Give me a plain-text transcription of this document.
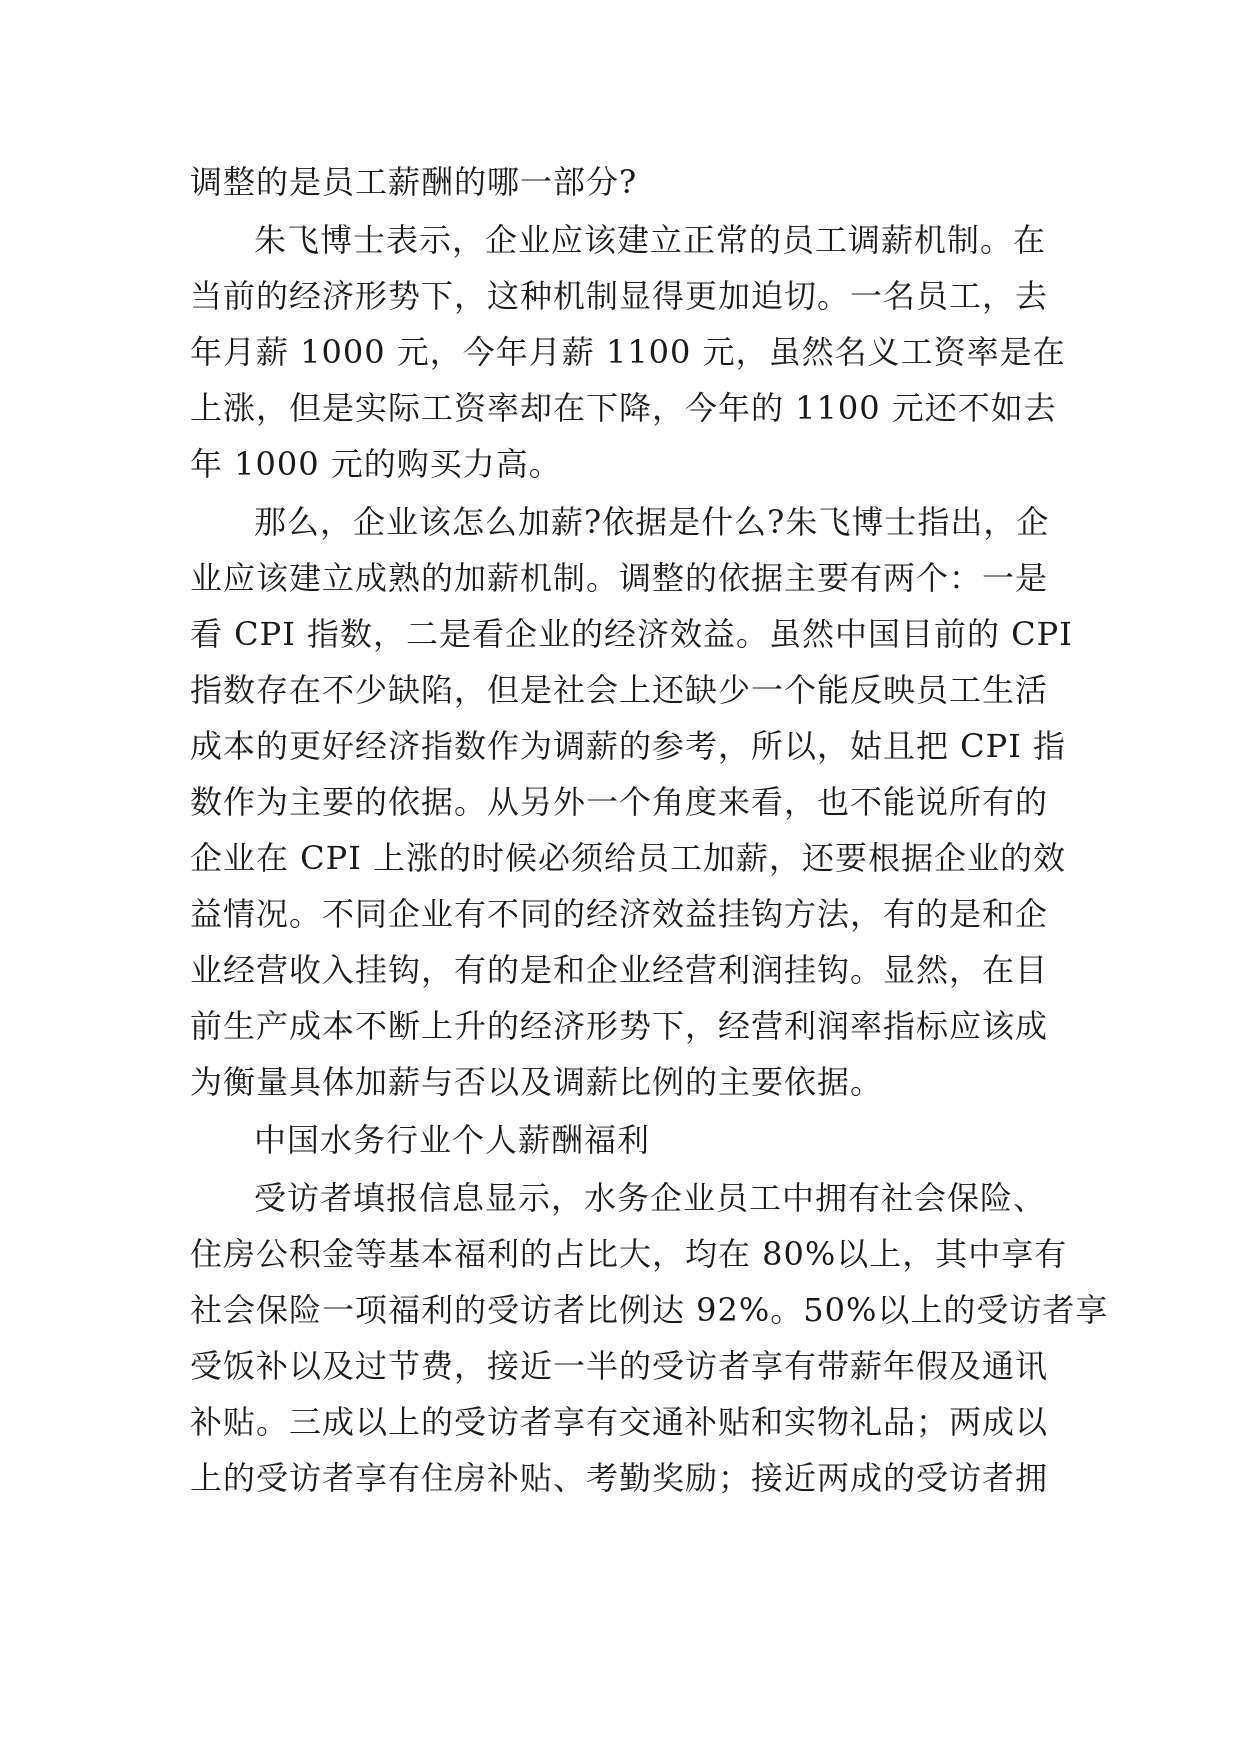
调整的是员工薪酬的哪一部分?
朱飞博士表示，企业应该建立正常的员工调薪机制。在
当前的经济形势下，这种机制显得更加迫切。一名员工，去
年月薪 1000 元，今年月薪 1100 元，虽然名义工资率是在
上涨，但是实际工资率却在下降，今年的 1100 元还不如去
年 1000 元的购买力高。
那么，企业该怎么加薪?依据是什么?朱飞博士指出，企
业应该建立成熟的加薪机制。调整的依据主要有两个：一是
看 CPI 指数，二是看企业的经济效益。虽然中国目前的 CPI
指数存在不少缺陷，但是社会上还缺少一个能反映员工生活
成本的更好经济指数作为调薪的参考，所以，姑且把 CPI 指
数作为主要的依据。从另外一个角度来看，也不能说所有的
企业在 CPI 上涨的时候必须给员工加薪，还要根据企业的效
益情况。不同企业有不同的经济效益挂钩方法，有的是和企
业经营收入挂钩，有的是和企业经营利润挂钩。显然，在目
前生产成本不断上升的经济形势下，经营利润率指标应该成
为衡量具体加薪与否以及调薪比例的主要依据。
中国水务行业个人薪酬福利
受访者填报信息显示，水务企业员工中拥有社会保险、
住房公积金等基本福利的占比大，均在 80%以上，其中享有
社会保险一项福利的受访者比例达 92%。50%以上的受访者享
受饭补以及过节费，接近一半的受访者享有带薪年假及通讯
补贴。三成以上的受访者享有交通补贴和实物礼品；两成以
上的受访者享有住房补贴、考勤奖励；接近两成的受访者拥
